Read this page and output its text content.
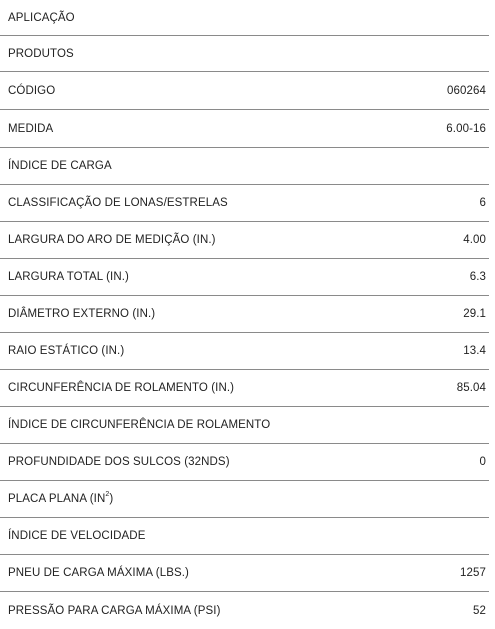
APLICAÇÃO
PRODUTOS
CÓDIGO	060264
MEDIDA	6.00-16
ÍNDICE DE CARGA
CLASSIFICAÇÃO DE LONAS/ESTRELAS	6
LARGURA DO ARO DE MEDIÇÃO (IN.)	4.00
LARGURA TOTAL (IN.)	6.3
DIÂMETRO EXTERNO (IN.)	29.1
RAIO ESTÁTICO (IN.)	13.4
CIRCUNFERÊNCIA DE ROLAMENTO (IN.)	85.04
ÍNDICE DE CIRCUNFERÊNCIA DE ROLAMENTO
PROFUNDIDADE DOS SULCOS (32NDS)	0
PLACA PLANA $(IN^2)$
ÍNDICE DE VELOCIDADE
PNEU DE CARGA MÁXIMA (LBS.)	1257
PRESSÃO PARA CARGA MÁXIMA (PSI)	52
